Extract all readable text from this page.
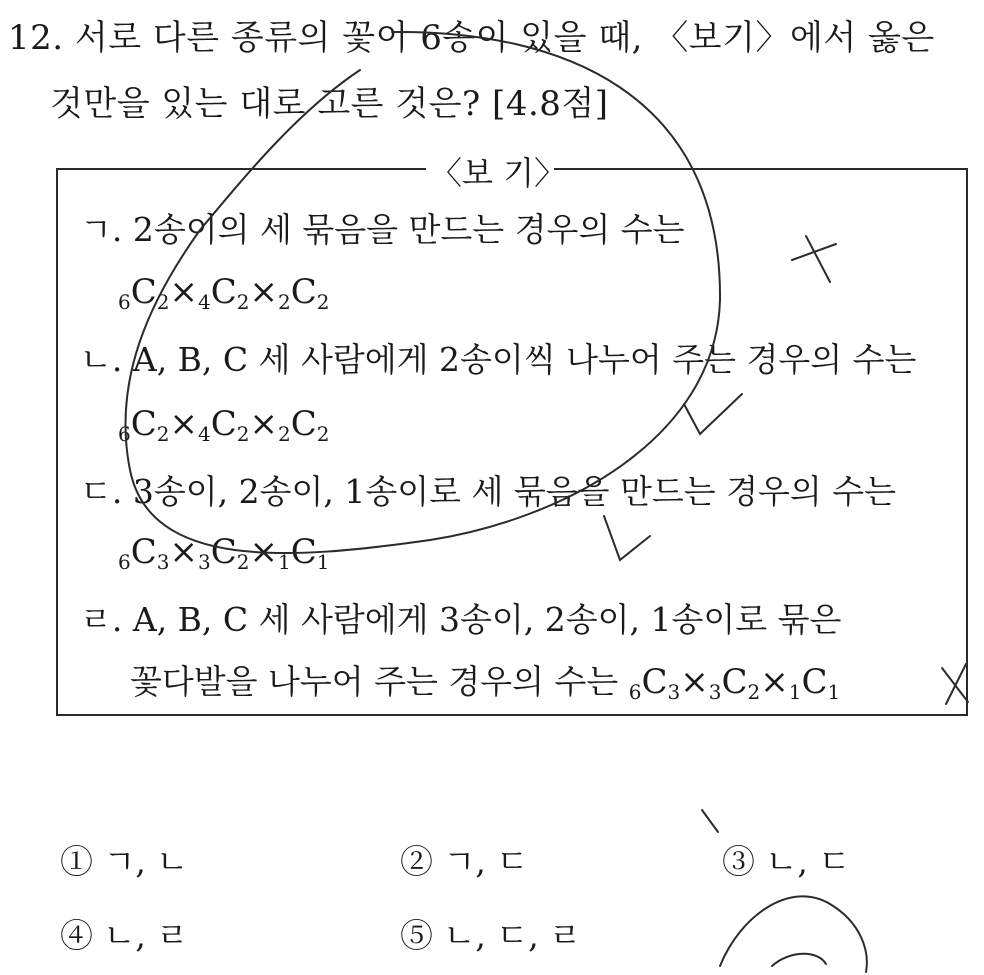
12. 서로 다른 종류의 꽃이 6송이 있을 때, 〈보기〉에서 옳은
것만을 있는 대로 고른 것은? [4.8점]
〈보 기〉
ㄱ. 2송이의 세 묶음을 만드는 경우의 수는
$6C_2\times 4C_2\times 2C_2$
ㄴ. A, B, C 세 사람에게 2송이씩 나누어 주는 경우의 수는
$6C_2\times 4C_2\times 2C_2$
ㄷ. 3송이, 2송이, 1송이로 세 묶음을 만드는 경우의 수는
$6C_3\times 3C_2\times 1C_1$
ㄹ. A, B, C 세 사람에게 3송이, 2송이, 1송이로 묶은
꽃다발을 나누어 주는 경우의 수는 $6C_3\times 3C_2\times 1C_1$
① ㄱ, ㄴ	② ㄱ, ㄷ	③ ㄴ, ㄷ
④ ㄴ, ㄹ	⑤ ㄴ, ㄷ, ㄹ
